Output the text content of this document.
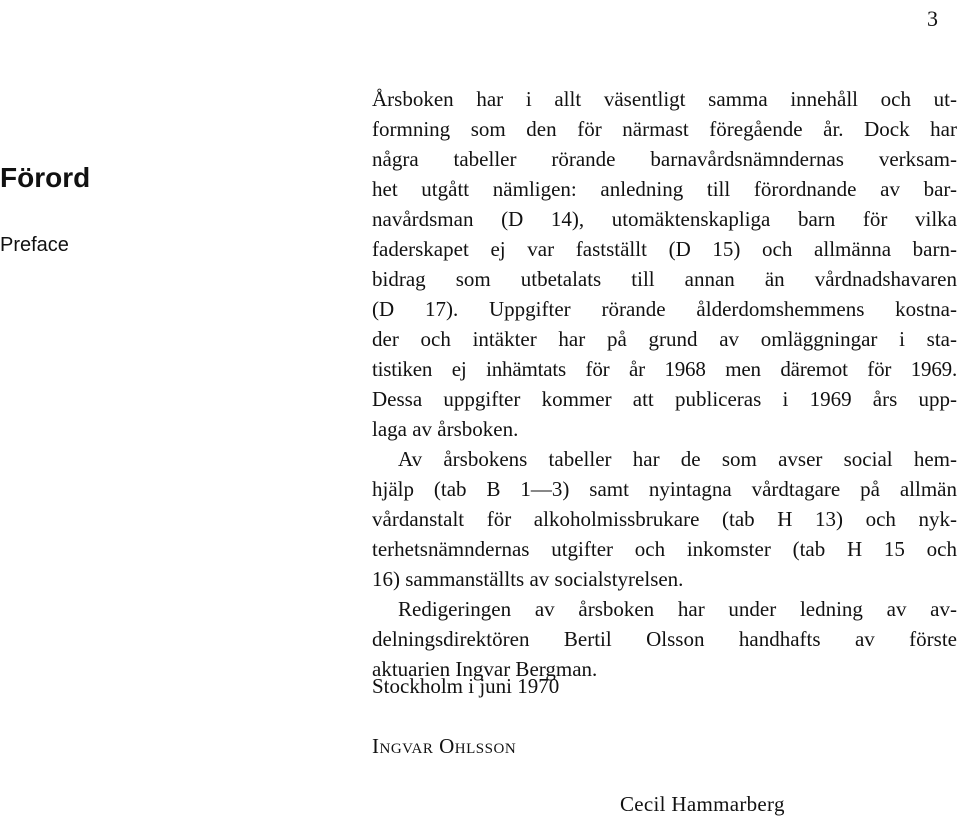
3
Förord
Preface
Årsboken har i allt väsentligt samma innehåll och ut-
formning som den för närmast föregående år. Dock har
några tabeller rörande barnavårdsnämndernas verksam-
het utgått nämligen: anledning till förordnande av bar-
navårdsman (D 14), utomäktenskapliga barn för vilka
faderskapet ej var fastställt (D 15) och allmänna barn-
bidrag som utbetalats till annan än vårdnadshavaren
(D 17). Uppgifter rörande ålderdomshemmens kostna-
der och intäkter har på grund av omläggningar i sta-
tistiken ej inhämtats för år 1968 men däremot för 1969.
Dessa uppgifter kommer att publiceras i 1969 års upp-
laga av årsboken.
Av årsbokens tabeller har de som avser social hem-
hjälp (tab B 1—3) samt nyintagna vårdtagare på allmän
vårdanstalt för alkoholmissbrukare (tab H 13) och nyk-
terhetsnämndernas utgifter och inkomster (tab H 15 och
16) sammanställts av socialstyrelsen.
Redigeringen av årsboken har under ledning av av-
delningsdirektören Bertil Olsson handhafts av förste
aktuarien Ingvar Bergman.
Stockholm i juni 1970
Ingvar Ohlsson
Cecil Hammarberg
